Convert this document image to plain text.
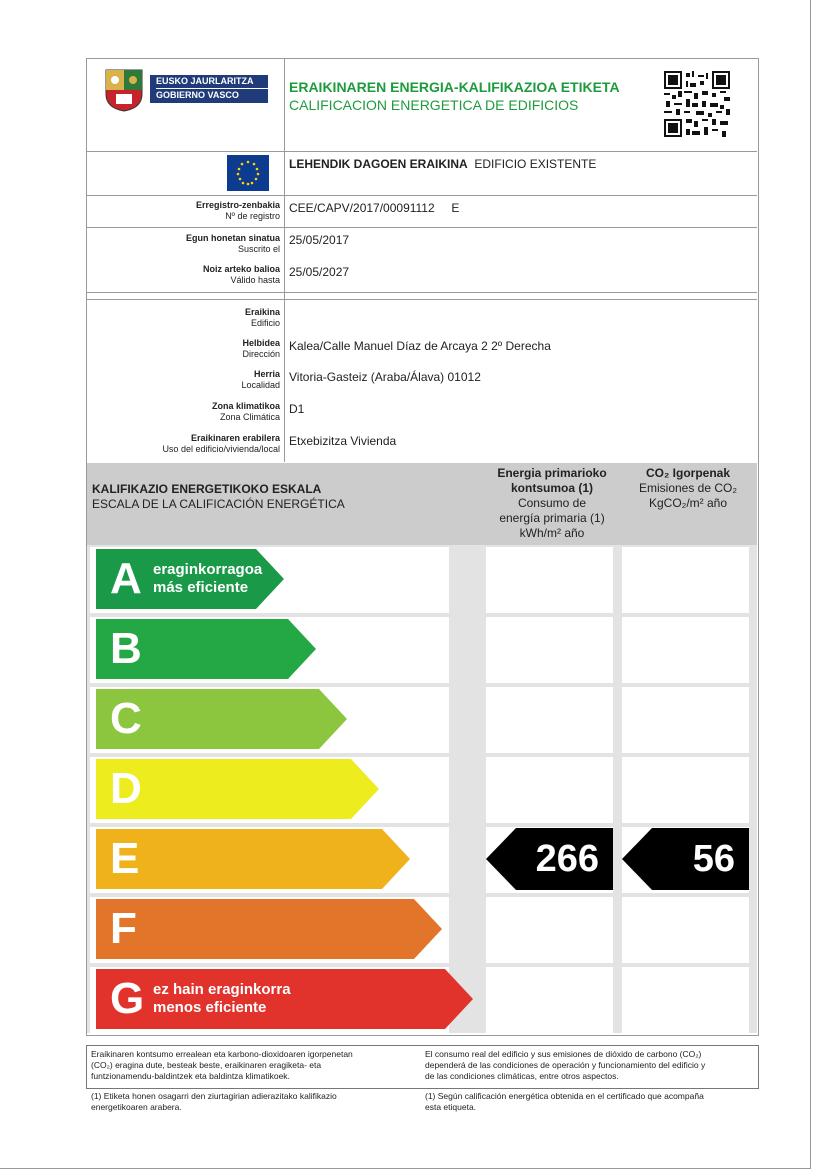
EUSKO JAURLARITZA
GOBIERNO VASCO	ERAIKINAREN ENERGIA-KALIFIKAZIOA ETIKETA
CALIFICACION ENERGETICA DE EDIFICIOS
LEHENDIK DAGOEN ERAIKINA EDIFICIO EXISTENTE
Erregistro-zenbakia
Nº de registro
CEE/CAPV/2017/00091112 E
Egun honetan sinatua
Suscrito el
25/05/2017
Noiz arteko balioa
Válido hasta
25/05/2027
Eraikina
Edificio
Helbidea
Dirección
Kalea/Calle Manuel Díaz de Arcaya 2 2º Derecha
Herria
Localidad
Vitoria-Gasteiz (Araba/Álava) 01012
Zona klimatikoa
Zona Climática
D1
Eraikinaren erabilera
Uso del edificio/vivienda/local
Etxebizitza Vivienda
KALIFIKAZIO ENERGETIKOKO ESKALA
ESCALA DE LA CALIFICACIÓN ENERGÉTICA
Energia primarioko
kontsumoa (1)
Consumo de
energía primaria (1)
kWh/m² año
CO₂ Igorpenak
Emisiones de CO₂
KgCO₂/m² año
A eraginkorragoa
más eficiente
B
C
D
E	266 56
F
G ez hain eraginkorra
menos eficiente
Eraikinaren kontsumo errealean eta karbono-dioxidoaren igorpenetan
(CO₂) eragina dute, besteak beste, eraikinaren eragiketa- eta
funtzionamendu-baldintzek eta baldintza klimatikoek.
El consumo real del edificio y sus emisiones de dióxido de carbono (CO₂)
dependerá de las condiciones de operación y funcionamiento del edificio y
de las condiciones climáticas, entre otros aspectos.
(1) Etiketa honen osagarri den ziurtagirian adierazitako kalifikazio
energetikoaren arabera.
(1) Según calificación energética obtenida en el certificado que acompaña
esta etiqueta.
